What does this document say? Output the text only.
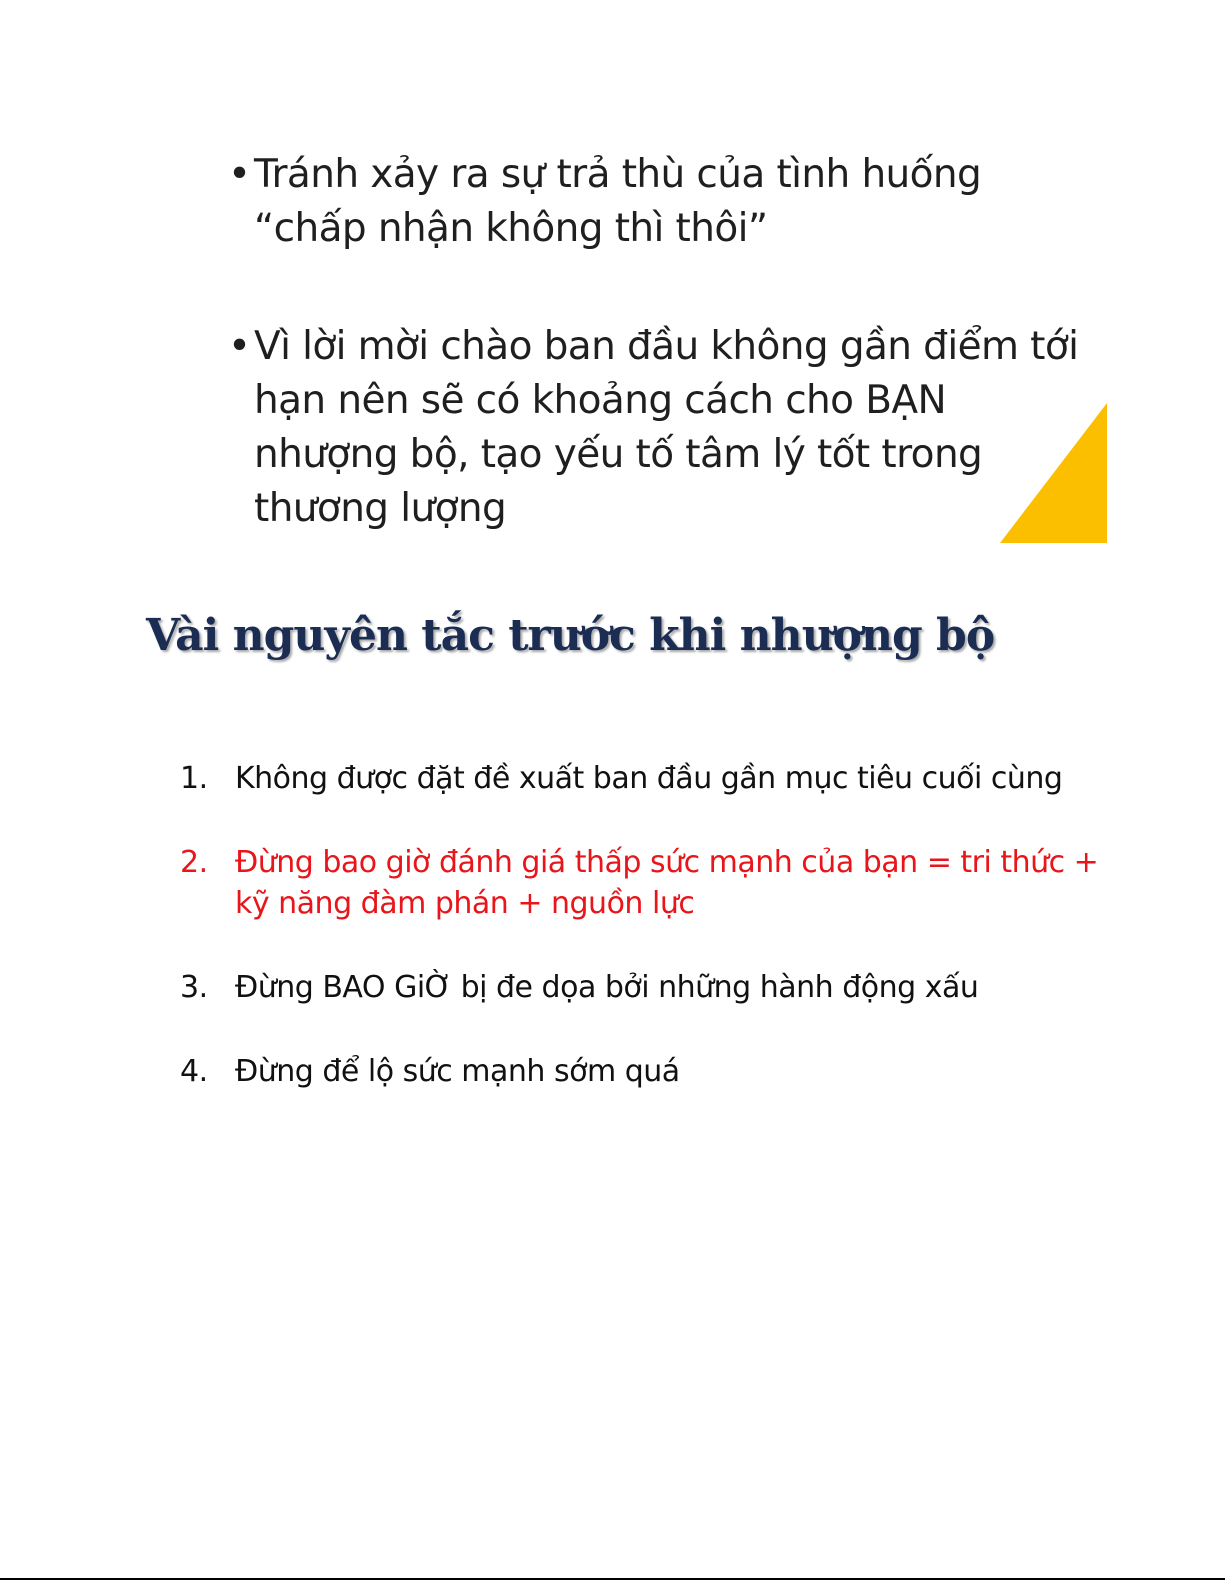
• Tránh xảy ra sự trả thù của tình huống “chấp nhận không thì thôi”
• Vì lời mời chào ban đầu không gần điểm tới hạn nên sẽ có khoảng cách cho BẠN nhượng bộ, tạo yếu tố tâm lý tốt trong thương lượng
Vài nguyên tắc trước khi nhượng bộ
1. Không được đặt đề xuất ban đầu gần mục tiêu cuối cùng
2. Đừng bao giờ đánh giá thấp sức mạnh của bạn = tri thức + kỹ năng đàm phán + nguồn lực
3. Đừng BAO GiỜ bị đe dọa bởi những hành động xấu
4. Đừng để lộ sức mạnh sớm quá
